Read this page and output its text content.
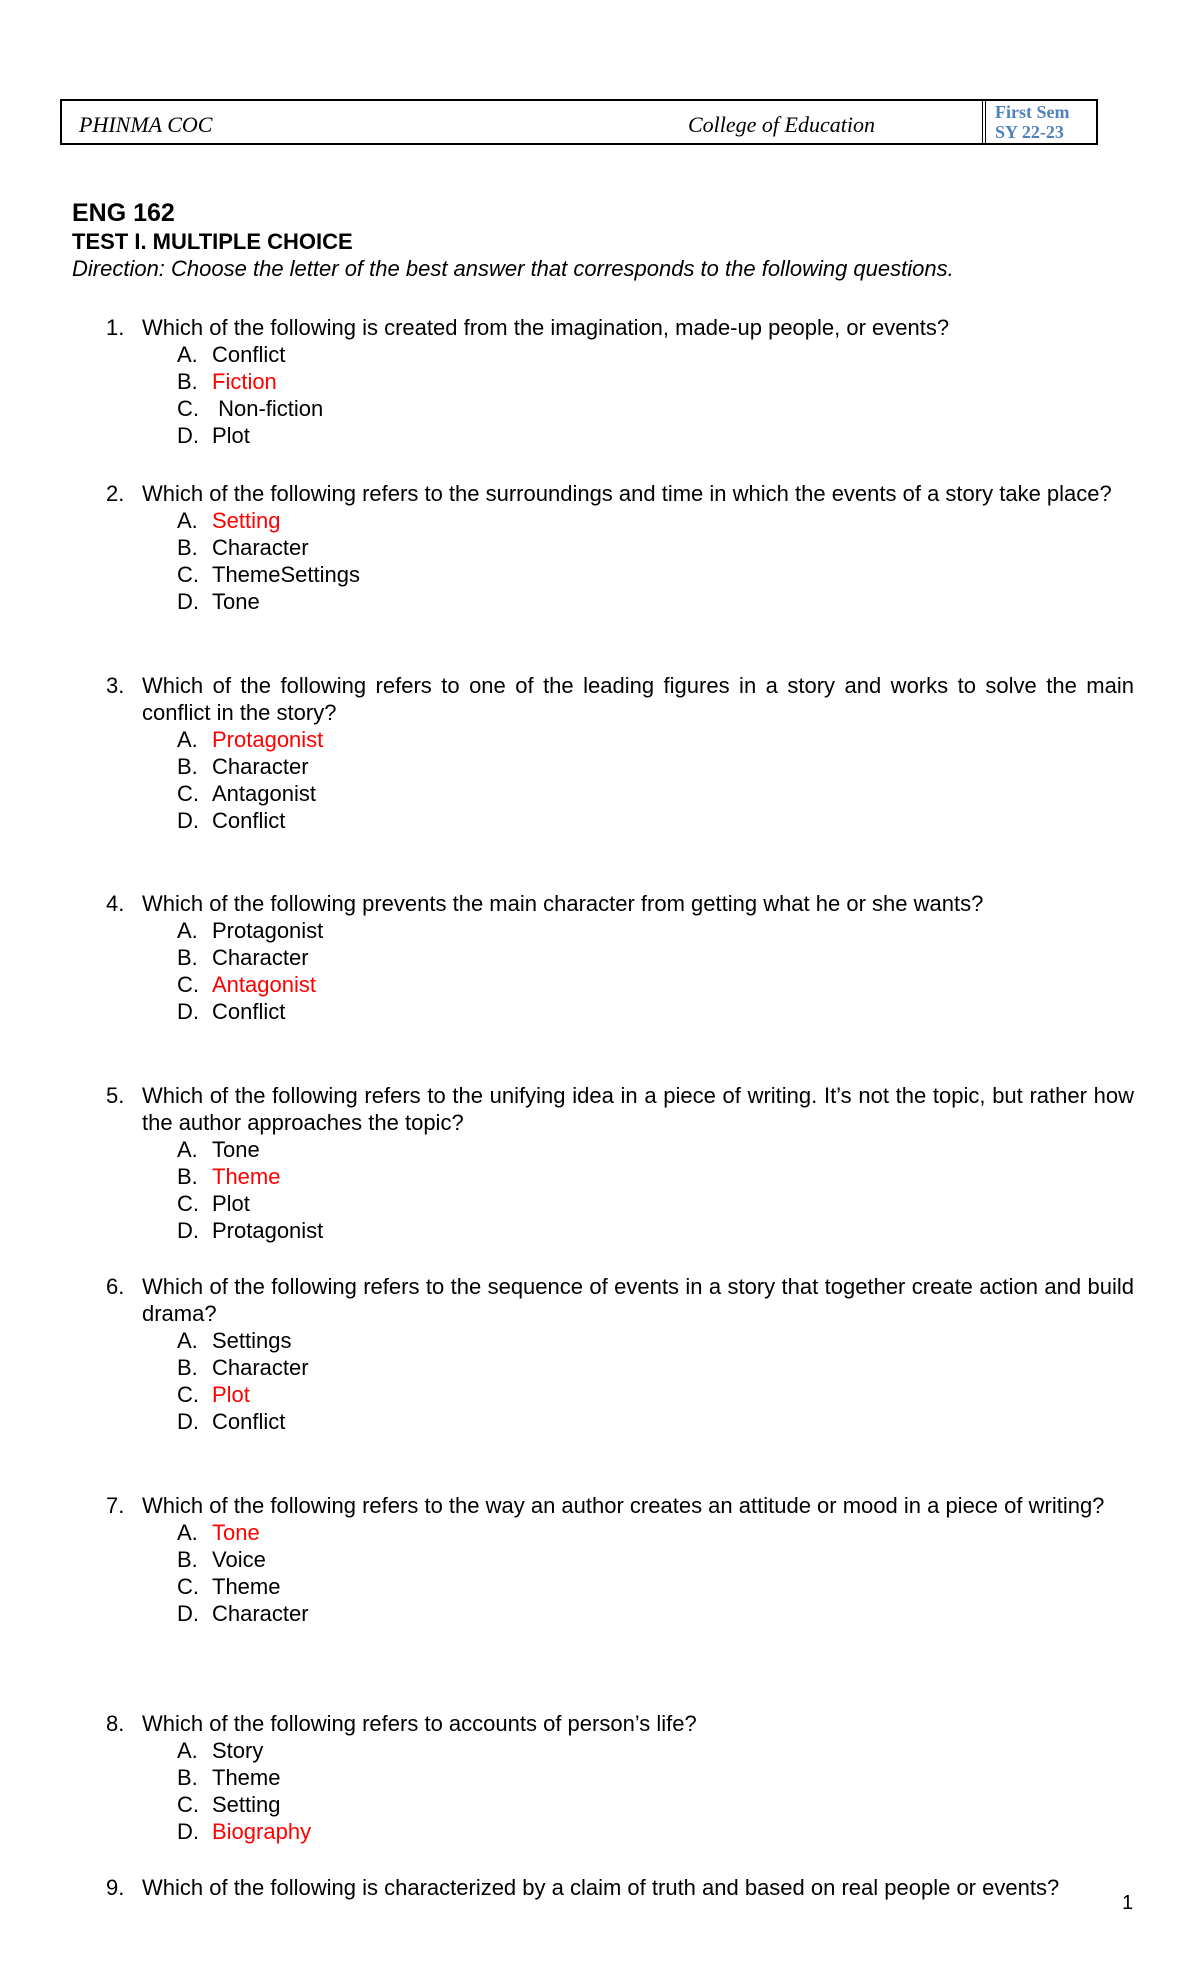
PHINMA COC	College of Education	First Sem
SY 22-23
ENG 162
TEST I. MULTIPLE CHOICE
Direction: Choose the letter of the best answer that corresponds to the following questions.
1. Which of the following is created from the imagination, made-up people, or events?
A. Conflict
B. Fiction
C. Non-fiction
D. Plot
2. Which of the following refers to the surroundings and time in which the events of a story take place?
A. Setting
B. Character
C. ThemeSettings
D. Tone
3. Which of the following refers to one of the leading figures in a story and works to solve the main conflict in the story?
A. Protagonist
B. Character
C. Antagonist
D. Conflict
4. Which of the following prevents the main character from getting what he or she wants?
A. Protagonist
B. Character
C. Antagonist
D. Conflict
5. Which of the following refers to the unifying idea in a piece of writing. It’s not the topic, but rather how the author approaches the topic?
A. Tone
B. Theme
C. Plot
D. Protagonist
6. Which of the following refers to the sequence of events in a story that together create action and build drama?
A. Settings
B. Character
C. Plot
D. Conflict
7. Which of the following refers to the way an author creates an attitude or mood in a piece of writing?
A. Tone
B. Voice
C. Theme
D. Character
8. Which of the following refers to accounts of person’s life?
A. Story
B. Theme
C. Setting
D. Biography
9. Which of the following is characterized by a claim of truth and based on real people or events?
1
